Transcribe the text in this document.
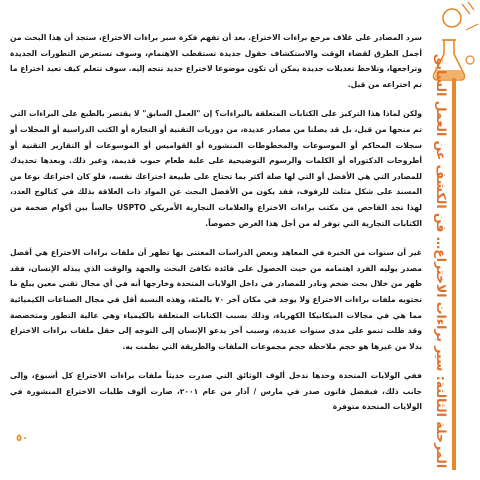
المرحلة الثالثة: سير براءات الاختراع… فن الكشف عن العمل السابق

سرد المصادر على غلاف مرجع براءات الاختراع. بعد أن تفهم فكرة سبر براءات الاختراع، ستجد أن هذا البحث من أجمل الطرق لقضاء الوقت والاستكشاف حقول جديدة تستقطب الاهتمام، وسوف تستعرض التطورات الجديدة وتراجعها، وتلاحظ تعديلات جديدة يمكن أن تكون موضوعا لاختراع جديد تتجه إليه. سوف تتعلم كيف تعيد اختراع ما تم اختراعه من قبل.

ولكن لماذا هذا التركيز على الكتابات المتعلقة بالبراءات؟ إن "العمل السابق" لا يقتصر بالطبع على البراءات التي تم منحها من قبل، بل قد يصلنا من مصادر عديدة، من دوريات التقنية أو التجارة أو الكتب الدراسية أو المجلات أو سجلات المحاكم أو الموسوعات والمخطوطات المنشورة أو القواميس أو الموسوعات أو التقارير التقنية أو أطروحات الدكتوراه أو الكلمات والرسوم التوضيحية على علبة طعام حبوب قديمة، وغير ذلك. وبعدها تحديدك للمصادر التي هي الأفضل أو التي لها صلة أكثر بما تحتاج على طبيعة اختراعك نفسه، فلو كان اختراعك نوعا من المسند على شكل مثلث للرفوف، فقد يكون من الأفضل البحث عن المواد ذات العلاقة بذلك في كتالوج العدد، لهذا تجد الفاحص من مكتب براءات الاختراع والعلامات التجارية الأمريكي USPTO جالساً بين أكوام ضخمة من الكتابات التجارية التي توفر له من أجل هذا الغرض خصوصاً.

غير أن سنوات من الخبرة في المعاهد وبعض الدراسات المعتنى بها تظهر أن ملفات براءات الاختراع هي أفضل مصدر يوليه الفرد اهتمامه من حيث الحصول على فائدة تكافئ البحث والجهد والوقت الذي يبذله الإنسان، فقد ظهر من خلال بحث ضخم ونادر للمصادر في داخل الولايات المتحدة وخارجها أنه في أي مجال تقني معين يبلغ ما تحتويه ملفات براءات الاختراع ولا يوجد في مكان آخر ٧٠ بالمئة، وهذه النسبة أقل في مجال الصناعات الكيميائية مما هي في مجالات الميكانيكا الكهرباء، وذلك بسبب الكتابات المتعلقة بالكيمياء وهي عالية التطور ومتخصصة وقد ظلت تنمو على مدى سنوات عديدة، وسبب آخر يدعو الإنسان إلى التوجه إلى حقل ملفات براءات الاختراع بدلا من غيرها هو حجم ملاحظة حجم مجموعات الملفات والطريقة التي نظمت به.

ففي الولايات المتحدة وحدها تدخل ألوف الوثائق التي صدرت حديثاً ملفات براءات الاختراع كل أسبوع، وإلى جانب ذلك، فبفضل قانون صدر في مارس / آذار من عام ٢٠٠١، صارت ألوف طلبات الاختراع المنشورة في الولايات المتحدة متوفرة

٥٠
